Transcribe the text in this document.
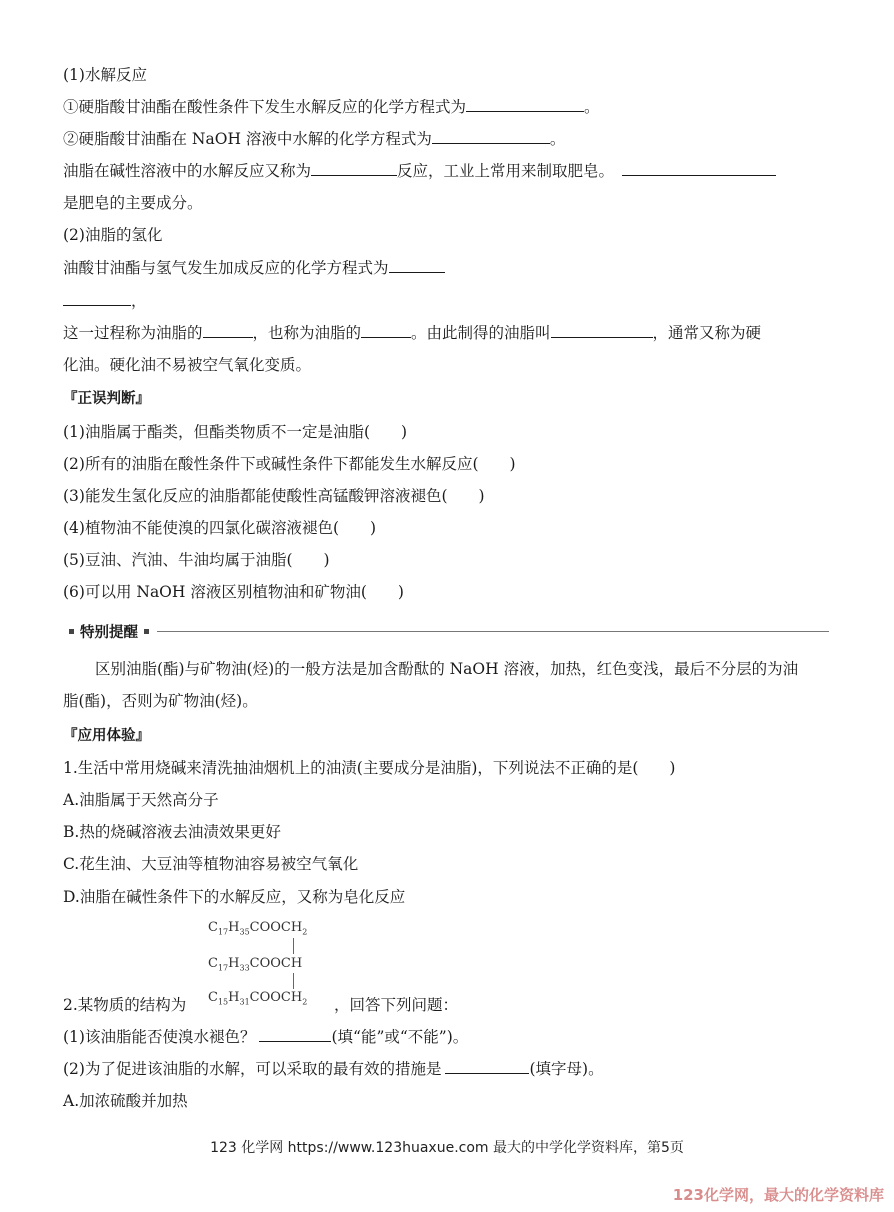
(1)水解反应
①硬脂酸甘油酯在酸性条件下发生水解反应的化学方程式为	。
②硬脂酸甘油酯在 NaOH 溶液中水解的化学方程式为	。
油脂在碱性溶液中的水解反应又称为	反应，工业上常用来制取肥皂。
是肥皂的主要成分。
(2)油脂的氢化
油酸甘油酯与氢气发生加成反应的化学方程式为
，
这一过程称为油脂的	，也称为油脂的	。由此制得的油脂叫	，通常又称为硬
化油。硬化油不易被空气氧化变质。
『正误判断』
(1)油脂属于酯类，但酯类物质不一定是油脂(　　)
(2)所有的油脂在酸性条件下或碱性条件下都能发生水解反应(　　)
(3)能发生氢化反应的油脂都能使酸性高锰酸钾溶液褪色(　　)
(4)植物油不能使溴的四氯化碳溶液褪色(　　)
(5)豆油、汽油、牛油均属于油脂(　　)
(6)可以用 NaOH 溶液区别植物油和矿物油(　　)
特别提醒
区别油脂(酯)与矿物油(烃)的一般方法是加含酚酞的 NaOH 溶液，加热，红色变浅，最后不分层的为油
脂(酯)，否则为矿物油(烃)。
『应用体验』
1.生活中常用烧碱来清洗抽油烟机上的油渍(主要成分是油脂)，下列说法不正确的是(　　)
A.油脂属于天然高分子
B.热的烧碱溶液去油渍效果更好
C.花生油、大豆油等植物油容易被空气氧化
D.油脂在碱性条件下的水解反应，又称为皂化反应
$C_{17}H_{35}COOCH_2$
$C_{17}H_{33}COOCH$
$C_{15}H_{31}COOCH_2$
2.某物质的结构为	，回答下列问题：
(1)该油脂能否使溴水褪色？	(填“能”或“不能”)。
(2)为了促进该油脂的水解，可以采取的最有效的措施是	(填字母)。
A.加浓硫酸并加热
123 化学网 https://www.123huaxue.com 最大的中学化学资料库，第5页
123化学网，最大的化学资料库
